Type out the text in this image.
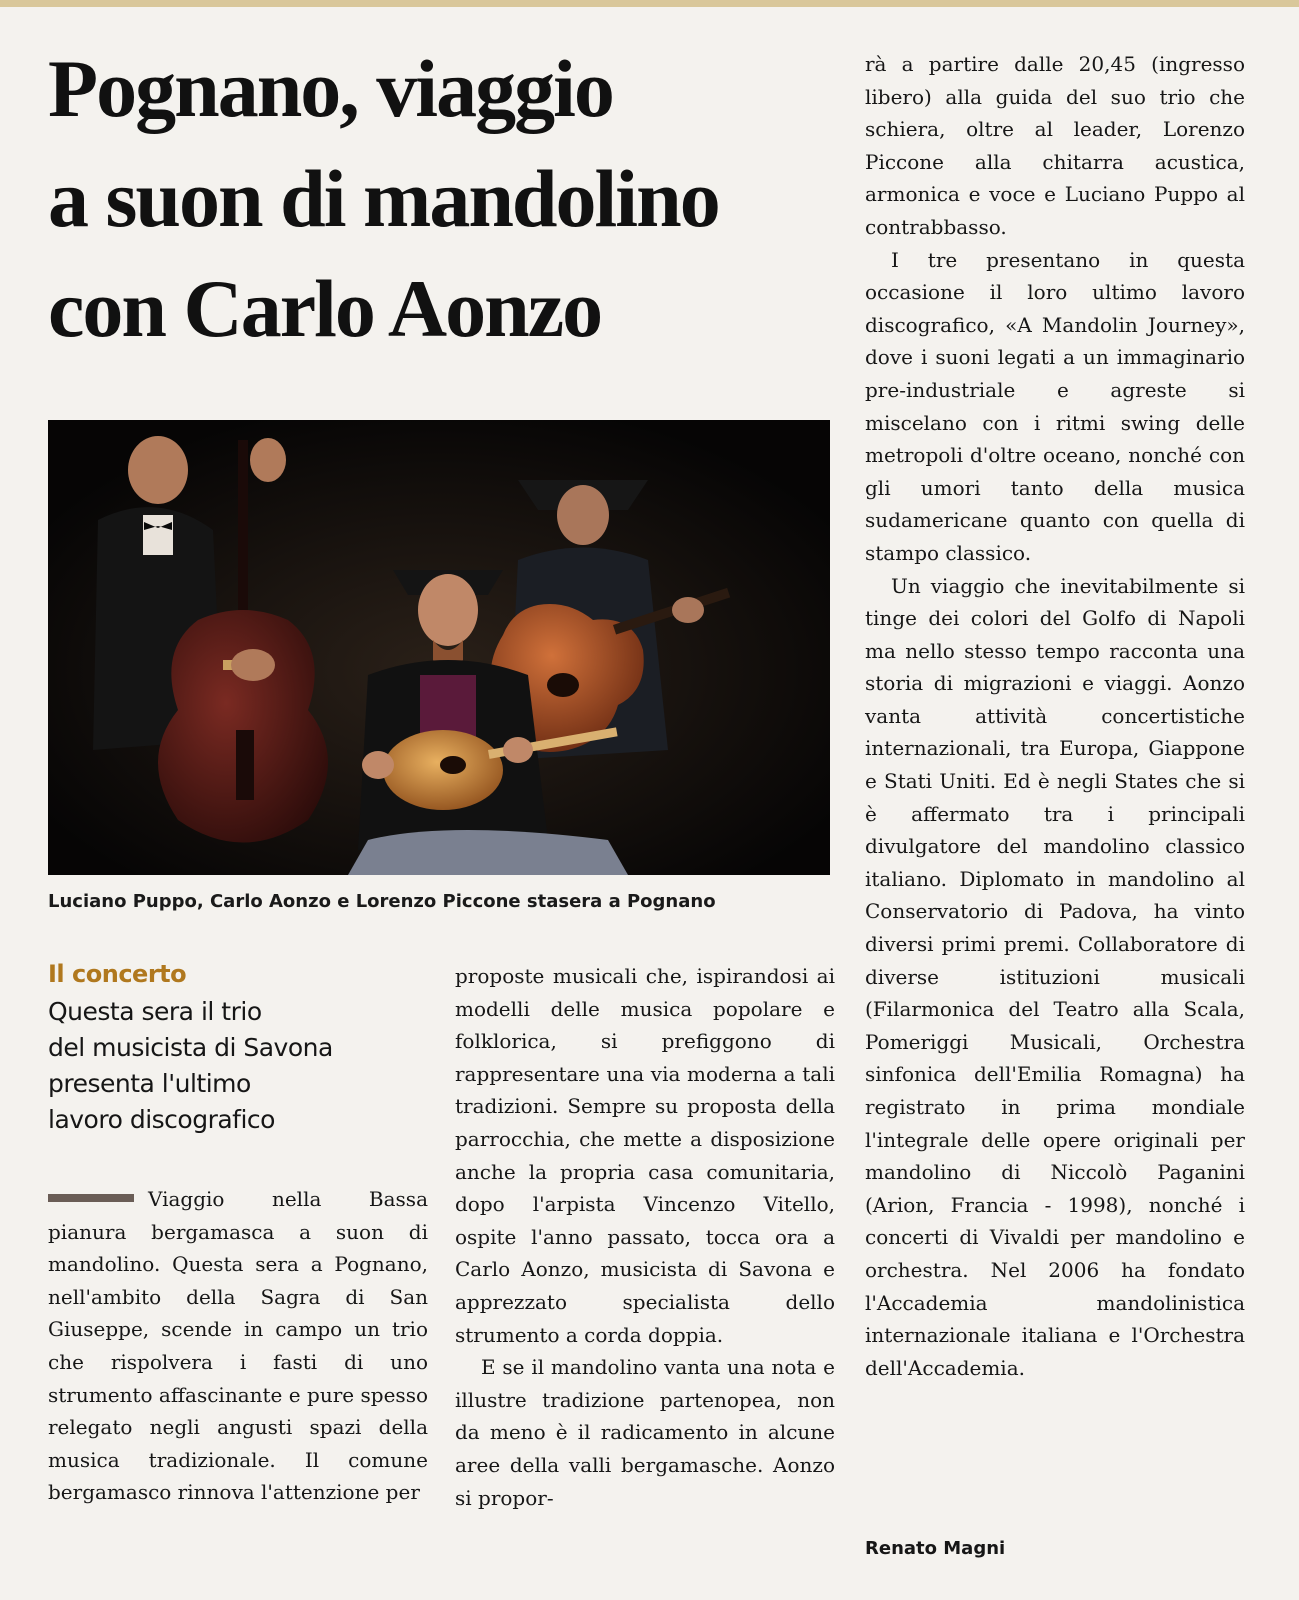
Pognano, viaggio
a suon di mandolino
con Carlo Aonzo

Luciano Puppo, Carlo Aonzo e Lorenzo Piccone stasera a Pognano

Il concerto

Questa sera il trio
del musicista di Savona
presenta l'ultimo
lavoro discografico

Viaggio nella Bassa pianura bergamasca a suon di mandolino. Questa sera a Pognano, nell'ambito della Sagra di San Giuseppe, scende in campo un trio che rispolvera i fasti di uno strumento affascinante e pure spesso relegato negli angusti spazi della musica tradizionale. Il comune bergamasco rinnova l'attenzione per

proposte musicali che, ispirandosi ai modelli delle musica popolare e folklorica, si prefiggono di rappresentare una via moderna a tali tradizioni. Sempre su proposta della parrocchia, che mette a disposizione anche la propria casa comunitaria, dopo l'arpista Vincenzo Vitello, ospite l'anno passato, tocca ora a Carlo Aonzo, musicista di Savona e apprezzato specialista dello strumento a corda doppia.

E se il mandolino vanta una nota e illustre tradizione partenopea, non da meno è il radicamento in alcune aree della valli bergamasche. Aonzo si propor-

rà a partire dalle 20,45 (ingresso libero) alla guida del suo trio che schiera, oltre al leader, Lorenzo Piccone alla chitarra acustica, armonica e voce e Luciano Puppo al contrabbasso.

I tre presentano in questa occasione il loro ultimo lavoro discografico, «A Mandolin Journey», dove i suoni legati a un immaginario pre-industriale e agreste si miscelano con i ritmi swing delle metropoli d'oltre oceano, nonché con gli umori tanto della musica sudamericane quanto con quella di stampo classico.

Un viaggio che inevitabilmente si tinge dei colori del Golfo di Napoli ma nello stesso tempo racconta una storia di migrazioni e viaggi. Aonzo vanta attività concertistiche internazionali, tra Europa, Giappone e Stati Uniti. Ed è negli States che si è affermato tra i principali divulgatore del mandolino classico italiano. Diplomato in mandolino al Conservatorio di Padova, ha vinto diversi primi premi. Collaboratore di diverse istituzioni musicali (Filarmonica del Teatro alla Scala, Pomeriggi Musicali, Orchestra sinfonica dell'Emilia Romagna) ha registrato in prima mondiale l'integrale delle opere originali per mandolino di Niccolò Paganini (Arion, Francia - 1998), nonché i concerti di Vivaldi per mandolino e orchestra. Nel 2006 ha fondato l'Accademia mandolinistica internazionale italiana e l'Orchestra dell'Accademia.

Renato Magni
